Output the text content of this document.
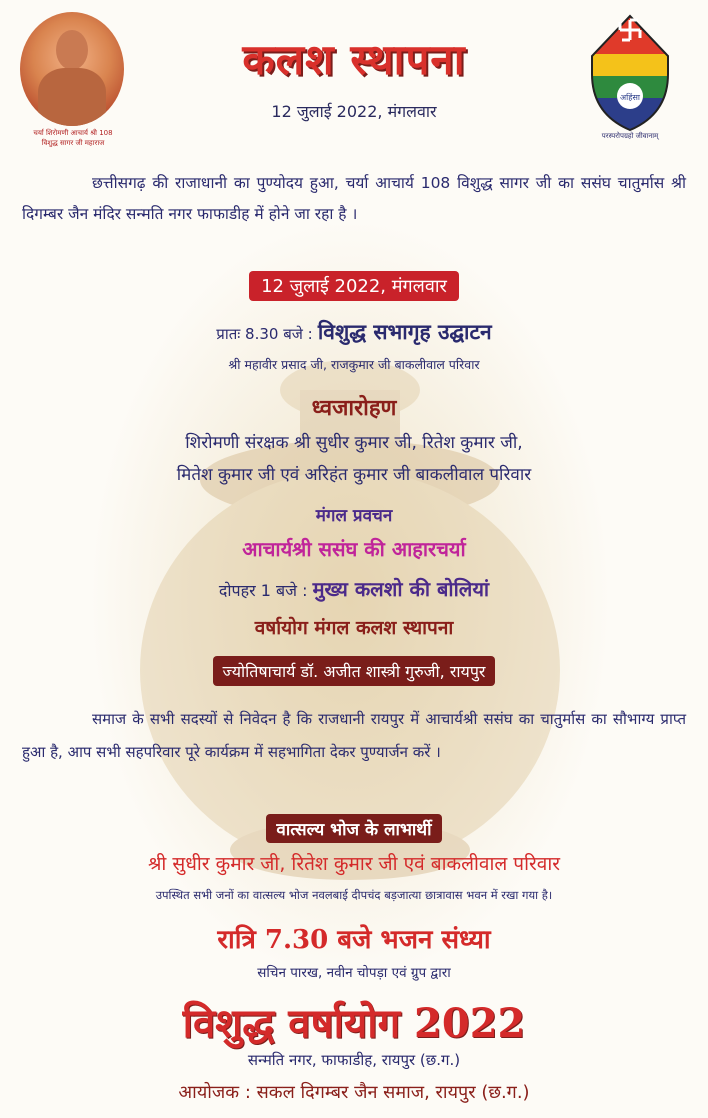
चर्या शिरोमणी आचार्य श्री 108
विशुद्ध सागर जी महाराज
अहिंसा
परस्परोपग्रहो जीवानाम्
कलश स्थापना
12 जुलाई 2022, मंगलवार
छत्तीसगढ़ की राजाधानी का पुण्योदय हुआ, चर्या आचार्य 108 विशुद्ध सागर जी का ससंघ चातुर्मास श्री दिगम्बर जैन मंदिर सन्मति नगर फाफाडीह में होने जा रहा है ।
12 जुलाई 2022, मंगलवार
प्रातः 8.30 बजे : विशुद्ध सभागृह उद्घाटन
श्री महावीर प्रसाद जी, राजकुमार जी बाकलीवाल परिवार
ध्वजारोहण
शिरोमणी संरक्षक श्री सुधीर कुमार जी, रितेश कुमार जी,
मितेश कुमार जी एवं अरिहंत कुमार जी बाकलीवाल परिवार
मंगल प्रवचन
आचार्यश्री ससंघ की आहारचर्या
दोपहर 1 बजे : मुख्य कलशो की बोलियां
वर्षायोग मंगल कलश स्थापना
ज्योतिषाचार्य डॉ. अजीत शास्त्री गुरुजी, रायपुर
समाज के सभी सदस्यों से निवेदन है कि राजधानी रायपुर में आचार्यश्री ससंघ का चातुर्मास का सौभाग्य प्राप्त हुआ है, आप सभी सहपरिवार पूरे कार्यक्रम में सहभागिता देकर पुण्यार्जन करें ।
वात्सल्य भोज के लाभार्थी
श्री सुधीर कुमार जी, रितेश कुमार जी एवं बाकलीवाल परिवार
उपस्थित सभी जनों का वात्सल्य भोज नवलबाई दीपचंद बड़जात्या छात्रावास भवन में रखा गया है।
रात्रि 7.30 बजे भजन संध्या
सचिन पारख, नवीन चोपड़ा एवं ग्रुप द्वारा
विशुद्ध वर्षायोग 2022
सन्मति नगर, फाफाडीह, रायपुर (छ.ग.)
आयोजक : सकल दिगम्बर जैन समाज, रायपुर (छ.ग.)
